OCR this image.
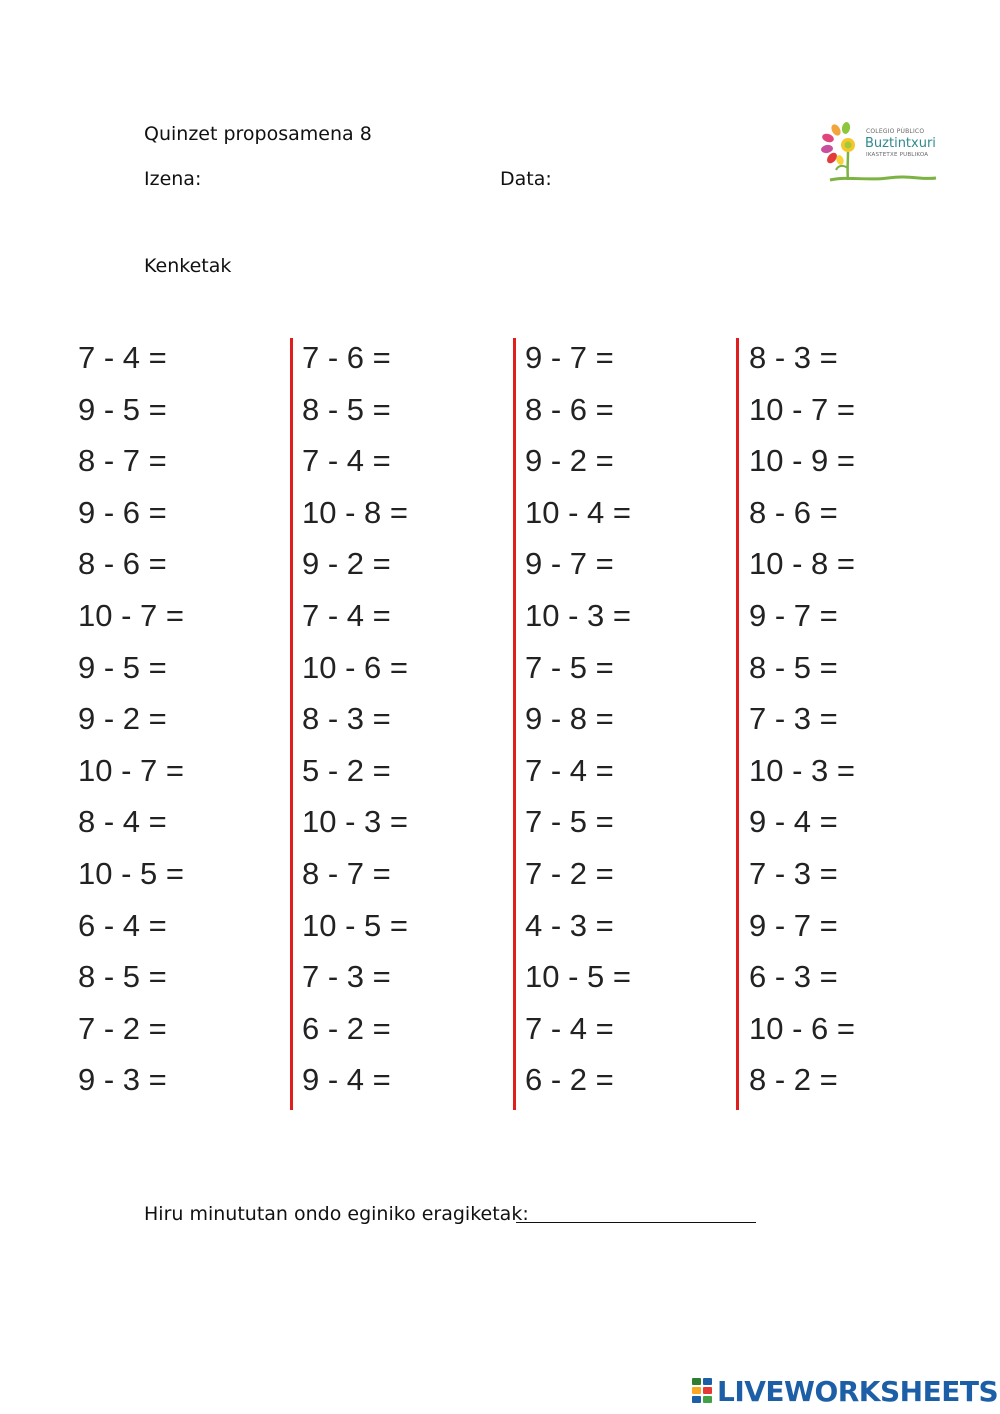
Quinzet proposamena 8
Izena:	Data:
Kenketak
COLEGIO PÚBLICO
Buztintxuri
IKASTETXE PUBLIKOA
7 - 4 =
9 - 5 =
8 - 7 =
9 - 6 =
8 - 6 =
10 - 7 =
9 - 5 =
9 - 2 =
10 - 7 =
8 - 4 =
10 - 5 =
6 - 4 =
8 - 5 =
7 - 2 =
9 - 3 =
7 - 6 =
8 - 5 =
7 - 4 =
10 - 8 =
9 - 2 =
7 - 4 =
10 - 6 =
8 - 3 =
5 - 2 =
10 - 3 =
8 - 7 =
10 - 5 =
7 - 3 =
6 - 2 =
9 - 4 =
9 - 7 =
8 - 6 =
9 - 2 =
10 - 4 =
9 - 7 =
10 - 3 =
7 - 5 =
9 - 8 =
7 - 4 =
7 - 5 =
7 - 2 =
4 - 3 =
10 - 5 =
7 - 4 =
6 - 2 =
8 - 3 =
10 - 7 =
10 - 9 =
8 - 6 =
10 - 8 =
9 - 7 =
8 - 5 =
7 - 3 =
10 - 3 =
9 - 4 =
7 - 3 =
9 - 7 =
6 - 3 =
10 - 6 =
8 - 2 =
Hiru minututan ondo eginiko eragiketak:
LIVEWORKSHEETS
